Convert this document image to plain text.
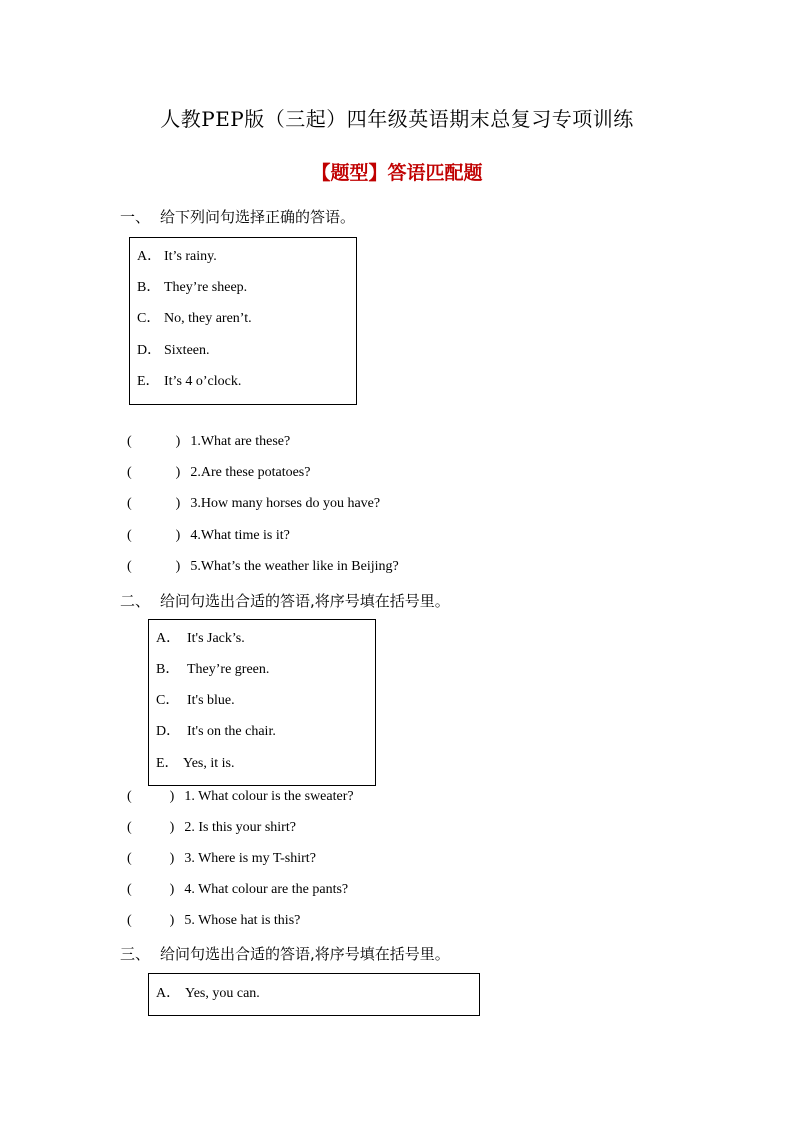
人教PEP版（三起）四年级英语期末总复习专项训练
【题型】答语匹配题
一、 给下列问句选择正确的答语。
A． It’s rainy.
B． They’re sheep.
C． No, they aren’t.
D． Sixteen.
E． It’s 4 o’clock.
(	) 1.What are these?
(	) 2.Are these potatoes?
(	) 3.How many horses do you have?
(	) 4.What time is it?
(	) 5.What’s the weather like in Beijing?
二、 给问句选出合适的答语,将序号填在括号里。
A． It's Jack’s.
B． They’re green.
C． It's blue.
D． It's on the chair.
E． Yes, it is.
(	) 1. What colour is the sweater?
(	) 2. Is this your shirt?
(	) 3. Where is my T-shirt?
(	) 4. What colour are the pants?
(	) 5. Whose hat is this?
三、 给问句选出合适的答语,将序号填在括号里。
A． Yes, you can.
